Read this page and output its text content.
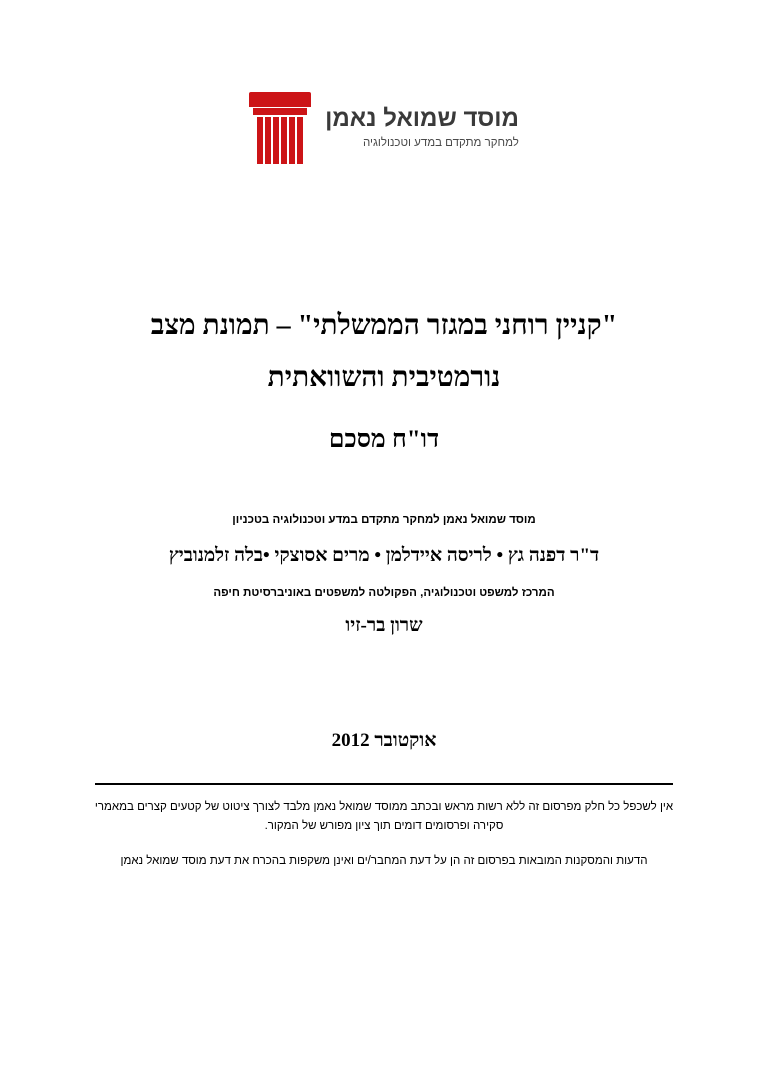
מוסד שמואל נאמן
למחקר מתקדם במדע וטכנולוגיה
"קניין רוחני במגזר הממשלתי" – תמונת מצב
נורמטיבית והשוואתית
דו"ח מסכם
מוסד שמואל נאמן למחקר מתקדם במדע וטכנולוגיה בטכניון
ד"ר דפנה גץ • לריסה איידלמן • מרים אסוצקי •בלה זלמנוביץ
המרכז למשפט וטכנולוגיה, הפקולטה למשפטים באוניברסיטת חיפה
שרון בר-זיו
אוקטובר 2012

אין לשכפל כל חלק מפרסום זה ללא רשות מראש ובכתב ממוסד שמואל נאמן מלבד לצורך ציטוט של קטעים קצרים במאמרי סקירה ופרסומים דומים תוך ציון מפורש של המקור.

הדעות והמסקנות המובאות בפרסום זה הן על דעת המחבר/ים ואינן משקפות בהכרח את דעת מוסד שמואל נאמן
